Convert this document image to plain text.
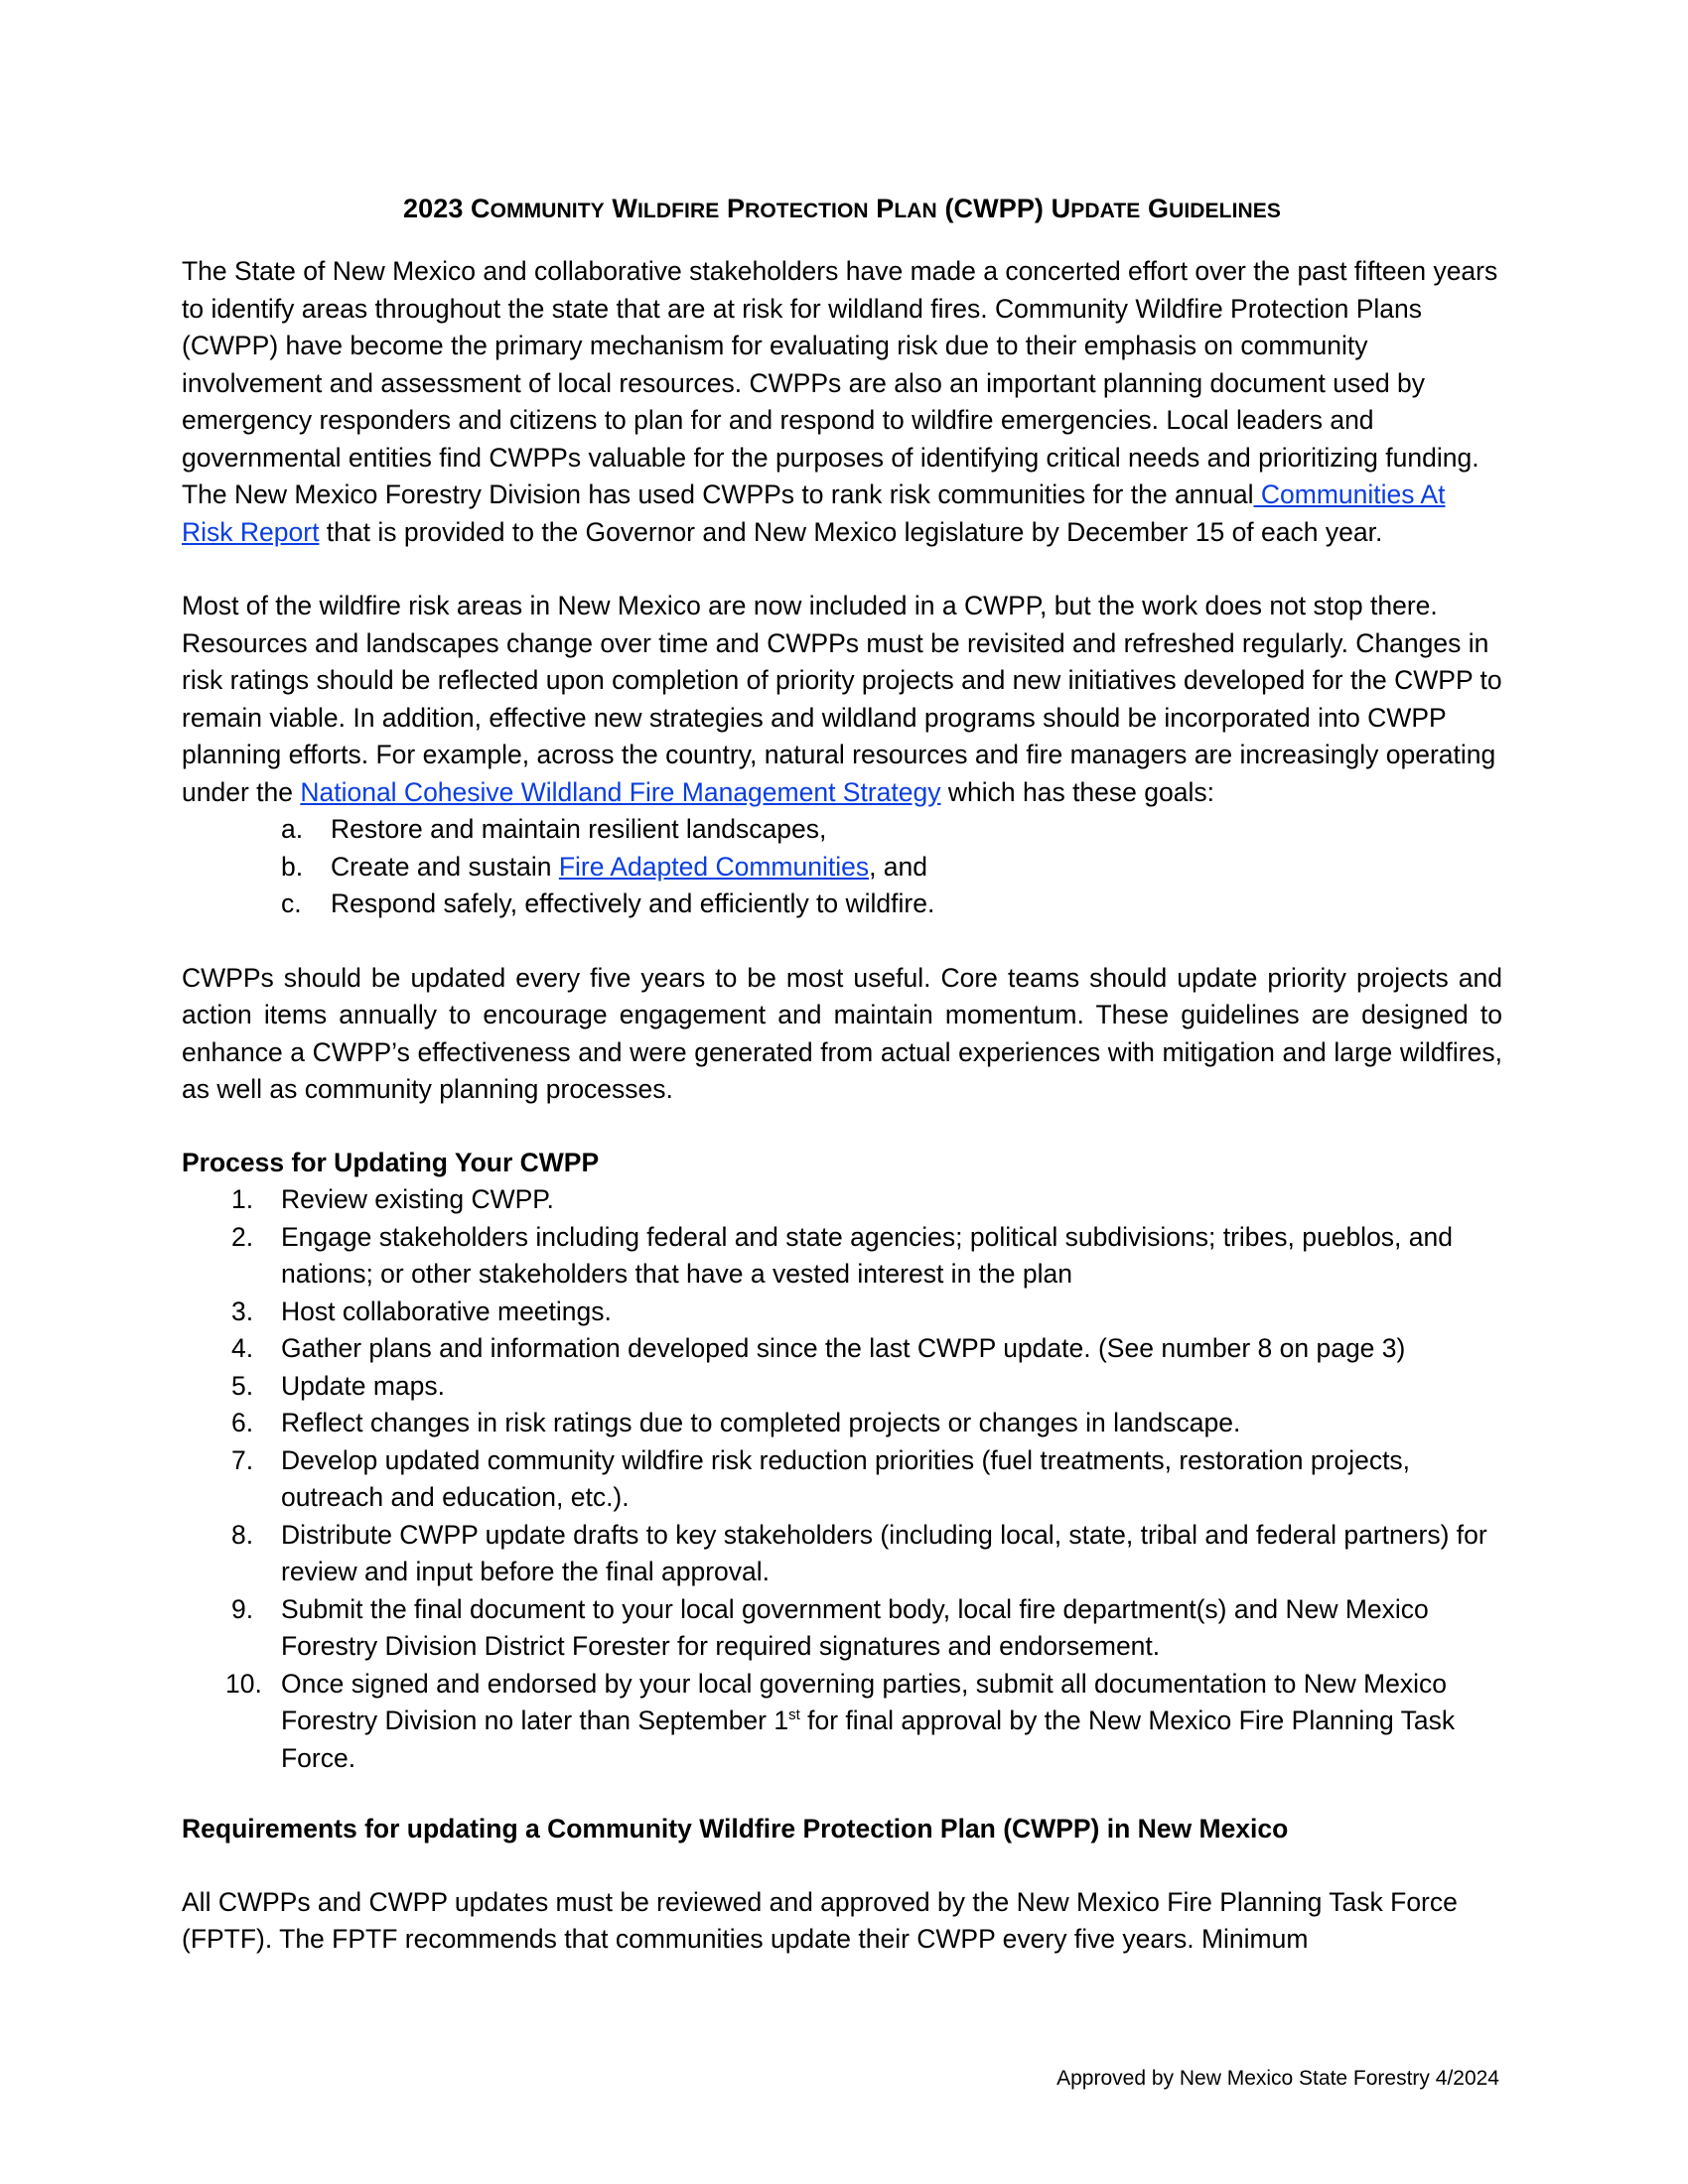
2023 COMMUNITY WILDFIRE PROTECTION PLAN (CWPP) UPDATE GUIDELINES

The State of New Mexico and collaborative stakeholders have made a concerted effort over the past fifteen years to identify areas throughout the state that are at risk for wildland fires. Community Wildfire Protection Plans (CWPP) have become the primary mechanism for evaluating risk due to their emphasis on community involvement and assessment of local resources. CWPPs are also an important planning document used by emergency responders and citizens to plan for and respond to wildfire emergencies. Local leaders and governmental entities find CWPPs valuable for the purposes of identifying critical needs and prioritizing funding. The New Mexico Forestry Division has used CWPPs to rank risk communities for the annual Communities At Risk Report that is provided to the Governor and New Mexico legislature by December 15 of each year.

Most of the wildfire risk areas in New Mexico are now included in a CWPP, but the work does not stop there. Resources and landscapes change over time and CWPPs must be revisited and refreshed regularly. Changes in risk ratings should be reflected upon completion of priority projects and new initiatives developed for the CWPP to remain viable. In addition, effective new strategies and wildland programs should be incorporated into CWPP planning efforts. For example, across the country, natural resources and fire managers are increasingly operating under the National Cohesive Wildland Fire Management Strategy which has these goals:

a. Restore and maintain resilient landscapes,
b. Create and sustain Fire Adapted Communities, and
c. Respond safely, effectively and efficiently to wildfire.

CWPPs should be updated every five years to be most useful. Core teams should update priority projects and action items annually to encourage engagement and maintain momentum. These guidelines are designed to enhance a CWPP’s effectiveness and were generated from actual experiences with mitigation and large wildfires, as well as community planning processes.

Process for Updating Your CWPP

1. Review existing CWPP.
2. Engage stakeholders including federal and state agencies; political subdivisions; tribes, pueblos, and nations; or other stakeholders that have a vested interest in the plan
3. Host collaborative meetings.
4. Gather plans and information developed since the last CWPP update. (See number 8 on page 3)
5. Update maps.
6. Reflect changes in risk ratings due to completed projects or changes in landscape.
7. Develop updated community wildfire risk reduction priorities (fuel treatments, restoration projects, outreach and education, etc.).
8. Distribute CWPP update drafts to key stakeholders (including local, state, tribal and federal partners) for review and input before the final approval.
9. Submit the final document to your local government body, local fire department(s) and New Mexico Forestry Division District Forester for required signatures and endorsement.
10. Once signed and endorsed by your local governing parties, submit all documentation to New Mexico Forestry Division no later than September 1st for final approval by the New Mexico Fire Planning Task Force.

Requirements for updating a Community Wildfire Protection Plan (CWPP) in New Mexico

All CWPPs and CWPP updates must be reviewed and approved by the New Mexico Fire Planning Task Force (FPTF). The FPTF recommends that communities update their CWPP every five years. Minimum

Approved by New Mexico State Forestry 4/2024
